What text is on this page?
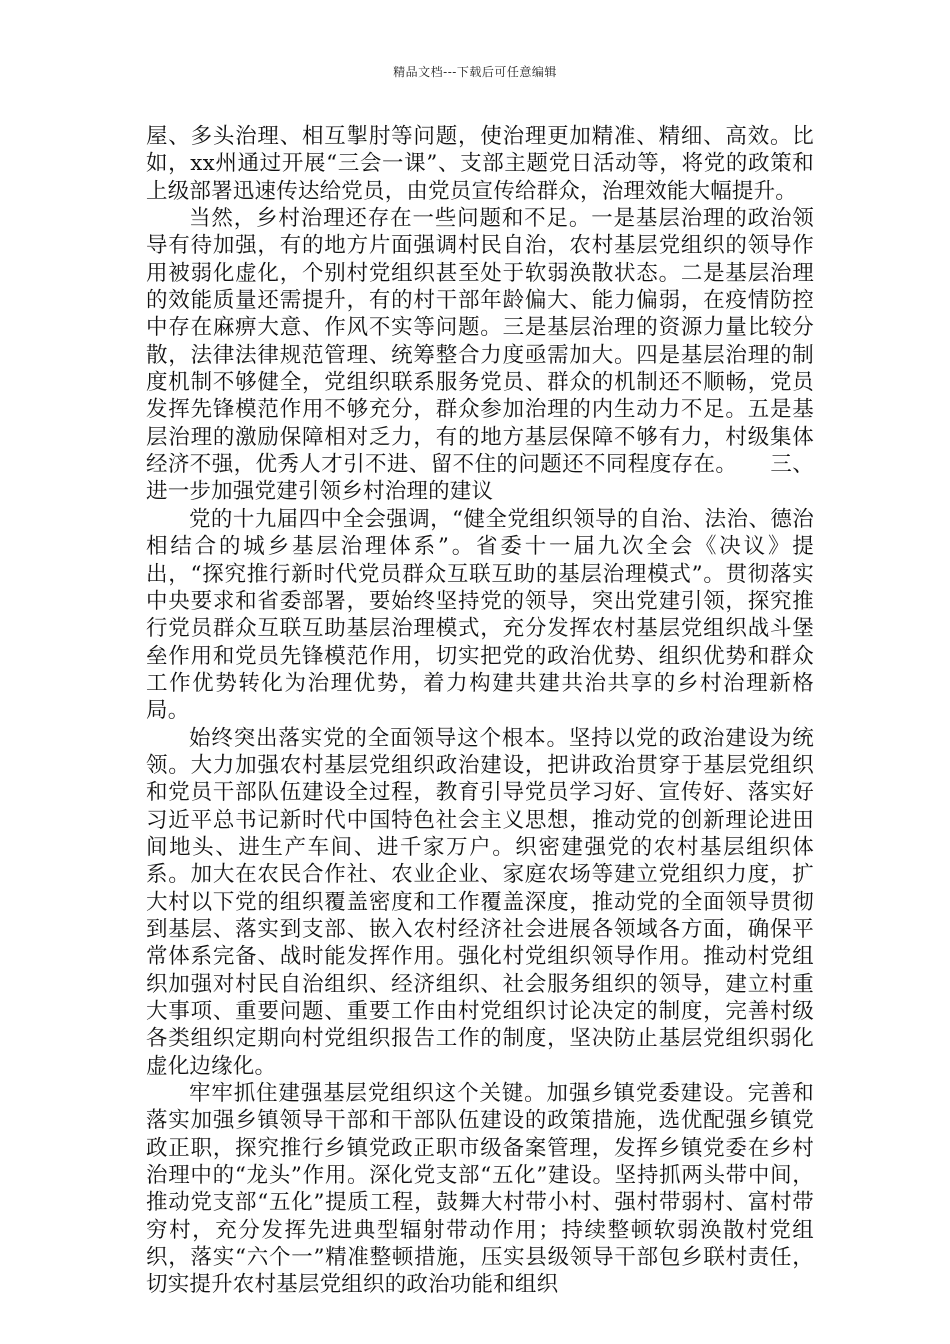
精品文档---下载后可任意编辑

屋、多头治理、相互掣肘等问题，使治理更加精准、精细、高效。比如，xx州通过开展“三会一课”、支部主题党日活动等，将党的政策和上级部署迅速传达给党员，由党员宣传给群众，治理效能大幅提升。

当然，乡村治理还存在一些问题和不足。一是基层治理的政治领导有待加强，有的地方片面强调村民自治，农村基层党组织的领导作用被弱化虚化，个别村党组织甚至处于软弱涣散状态。二是基层治理的效能质量还需提升，有的村干部年龄偏大、能力偏弱，在疫情防控中存在麻痹大意、作风不实等问题。三是基层治理的资源力量比较分散，法律法律规范管理、统筹整合力度亟需加大。四是基层治理的制度机制不够健全，党组织联系服务党员、群众的机制还不顺畅，党员发挥先锋模范作用不够充分，群众参加治理的内生动力不足。五是基层治理的激励保障相对乏力，有的地方基层保障不够有力，村级集体经济不强，优秀人才引不进、留不住的问题还不同程度存在。　　三、进一步加强党建引领乡村治理的建议

党的十九届四中全会强调，“健全党组织领导的自治、法治、德治相结合的城乡基层治理体系”。省委十一届九次全会《决议》提出，“探究推行新时代党员群众互联互助的基层治理模式”。贯彻落实中央要求和省委部署，要始终坚持党的领导，突出党建引领，探究推行党员群众互联互助基层治理模式，充分发挥农村基层党组织战斗堡垒作用和党员先锋模范作用，切实把党的政治优势、组织优势和群众工作优势转化为治理优势，着力构建共建共治共享的乡村治理新格局。

始终突出落实党的全面领导这个根本。坚持以党的政治建设为统领。大力加强农村基层党组织政治建设，把讲政治贯穿于基层党组织和党员干部队伍建设全过程，教育引导党员学习好、宣传好、落实好习近平总书记新时代中国特色社会主义思想，推动党的创新理论进田间地头、进生产车间、进千家万户。织密建强党的农村基层组织体系。加大在农民合作社、农业企业、家庭农场等建立党组织力度，扩大村以下党的组织覆盖密度和工作覆盖深度，推动党的全面领导贯彻到基层、落实到支部、嵌入农村经济社会进展各领域各方面，确保平常体系完备、战时能发挥作用。强化村党组织领导作用。推动村党组织加强对村民自治组织、经济组织、社会服务组织的领导，建立村重大事项、重要问题、重要工作由村党组织讨论决定的制度，完善村级各类组织定期向村党组织报告工作的制度，坚决防止基层党组织弱化虚化边缘化。

牢牢抓住建强基层党组织这个关键。加强乡镇党委建设。完善和落实加强乡镇领导干部和干部队伍建设的政策措施，选优配强乡镇党政正职，探究推行乡镇党政正职市级备案管理，发挥乡镇党委在乡村治理中的“龙头”作用。深化党支部“五化”建设。坚持抓两头带中间，推动党支部“五化”提质工程，鼓舞大村带小村、强村带弱村、富村带穷村，充分发挥先进典型辐射带动作用；持续整顿软弱涣散村党组织，落实“六个一”精准整顿措施，压实县级领导干部包乡联村责任，切实提升农村基层党组织的政治功能和组织
